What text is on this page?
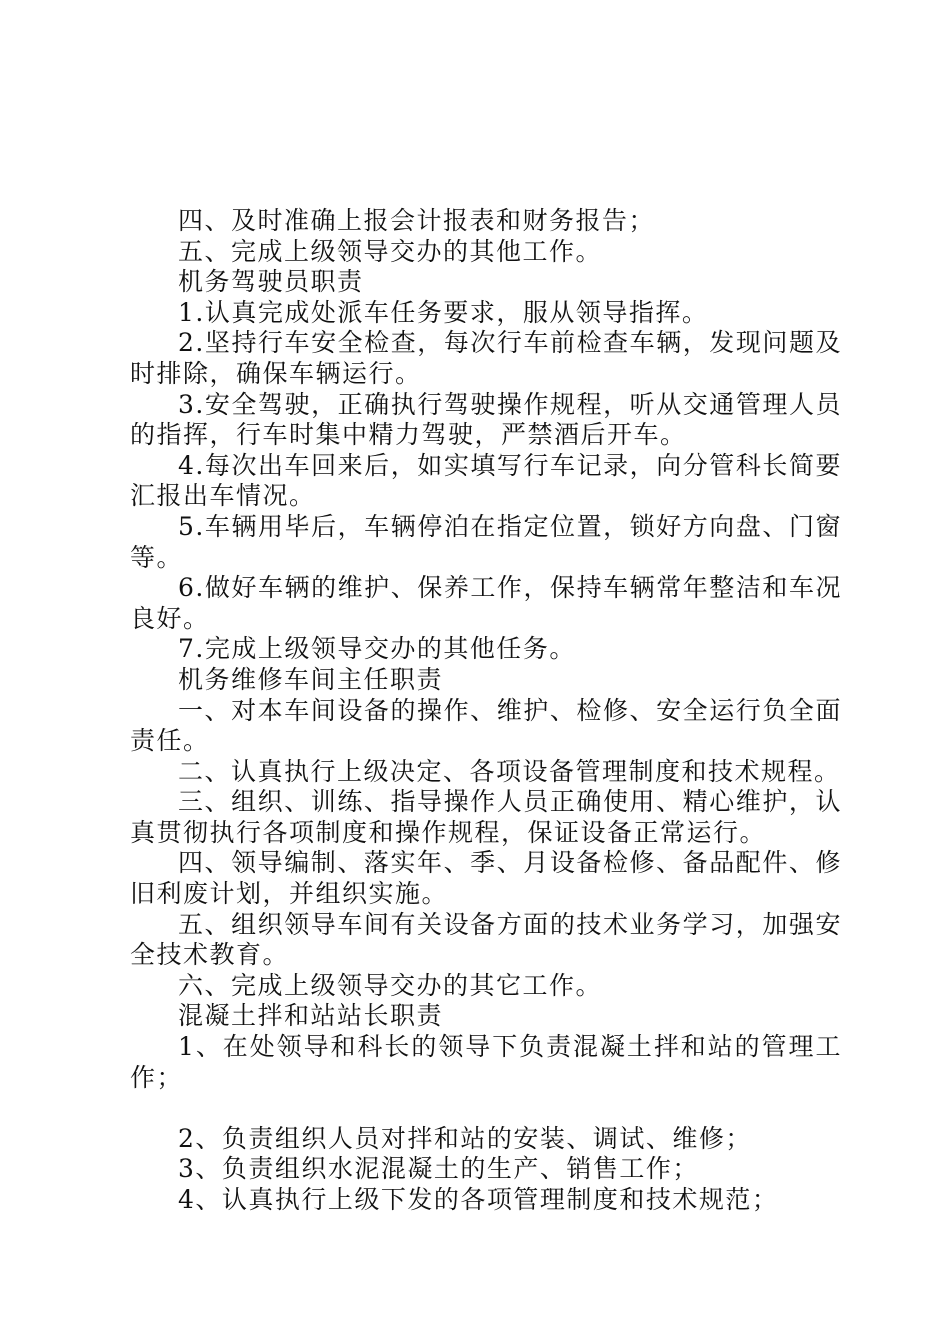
四、及时准确上报会计报表和财务报告；

五、完成上级领导交办的其他工作。

机务驾驶员职责

1.认真完成处派车任务要求，服从领导指挥。

2.坚持行车安全检查，每次行车前检查车辆，发现问题及时排除，确保车辆运行。

3.安全驾驶，正确执行驾驶操作规程，听从交通管理人员的指挥，行车时集中精力驾驶，严禁酒后开车。

4.每次出车回来后，如实填写行车记录，向分管科长简要汇报出车情况。

5.车辆用毕后，车辆停泊在指定位置，锁好方向盘、门窗等。

6.做好车辆的维护、保养工作，保持车辆常年整洁和车况良好。

7.完成上级领导交办的其他任务。

机务维修车间主任职责

一、对本车间设备的操作、维护、检修、安全运行负全面责任。

二、认真执行上级决定、各项设备管理制度和技术规程。

三、组织、训练、指导操作人员正确使用、精心维护，认真贯彻执行各项制度和操作规程，保证设备正常运行。

四、领导编制、落实年、季、月设备检修、备品配件、修旧利废计划，并组织实施。

五、组织领导车间有关设备方面的技术业务学习，加强安全技术教育。

六、完成上级领导交办的其它工作。

混凝土拌和站站长职责

1、在处领导和科长的领导下负责混凝土拌和站的管理工作；

2、负责组织人员对拌和站的安装、调试、维修；

3、负责组织水泥混凝土的生产、销售工作；

4、认真执行上级下发的各项管理制度和技术规范；
